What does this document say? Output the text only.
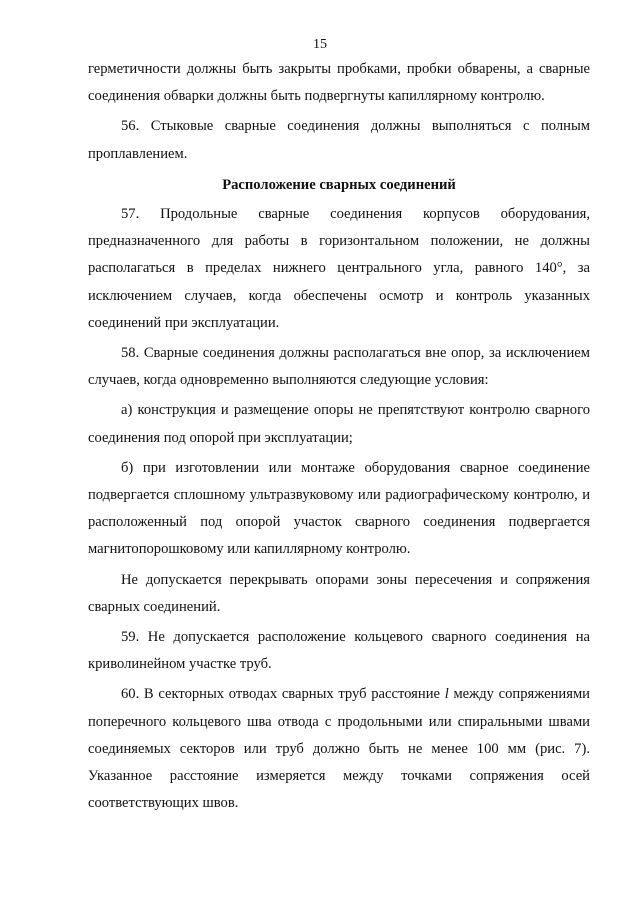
15

герметичности должны быть закрыты пробками, пробки обварены, а сварные соединения обварки должны быть подвергнуты капиллярному контролю.

56. Стыковые сварные соединения должны выполняться с полным проплавлением.

Расположение сварных соединений

57. Продольные сварные соединения корпусов оборудования, предназначенного для работы в горизонтальном положении, не должны располагаться в пределах нижнего центрального угла, равного 140°, за исключением случаев, когда обеспечены осмотр и контроль указанных соединений при эксплуатации.

58. Сварные соединения должны располагаться вне опор, за исключением случаев, когда одновременно выполняются следующие условия:

а) конструкция и размещение опоры не препятствуют контролю сварного соединения под опорой при эксплуатации;

б) при изготовлении или монтаже оборудования сварное соединение подвергается сплошному ультразвуковому или радиографическому контролю, и расположенный под опорой участок сварного соединения подвергается магнитопорошковому или капиллярному контролю.

Не допускается перекрывать опорами зоны пересечения и сопряжения сварных соединений.

59. Не допускается расположение кольцевого сварного соединения на криволинейном участке труб.

60. В секторных отводах сварных труб расстояние l между сопряжениями поперечного кольцевого шва отвода с продольными или спиральными швами соединяемых секторов или труб должно быть не менее 100 мм (рис. 7). Указанное расстояние измеряется между точками сопряжения осей соответствующих швов.
